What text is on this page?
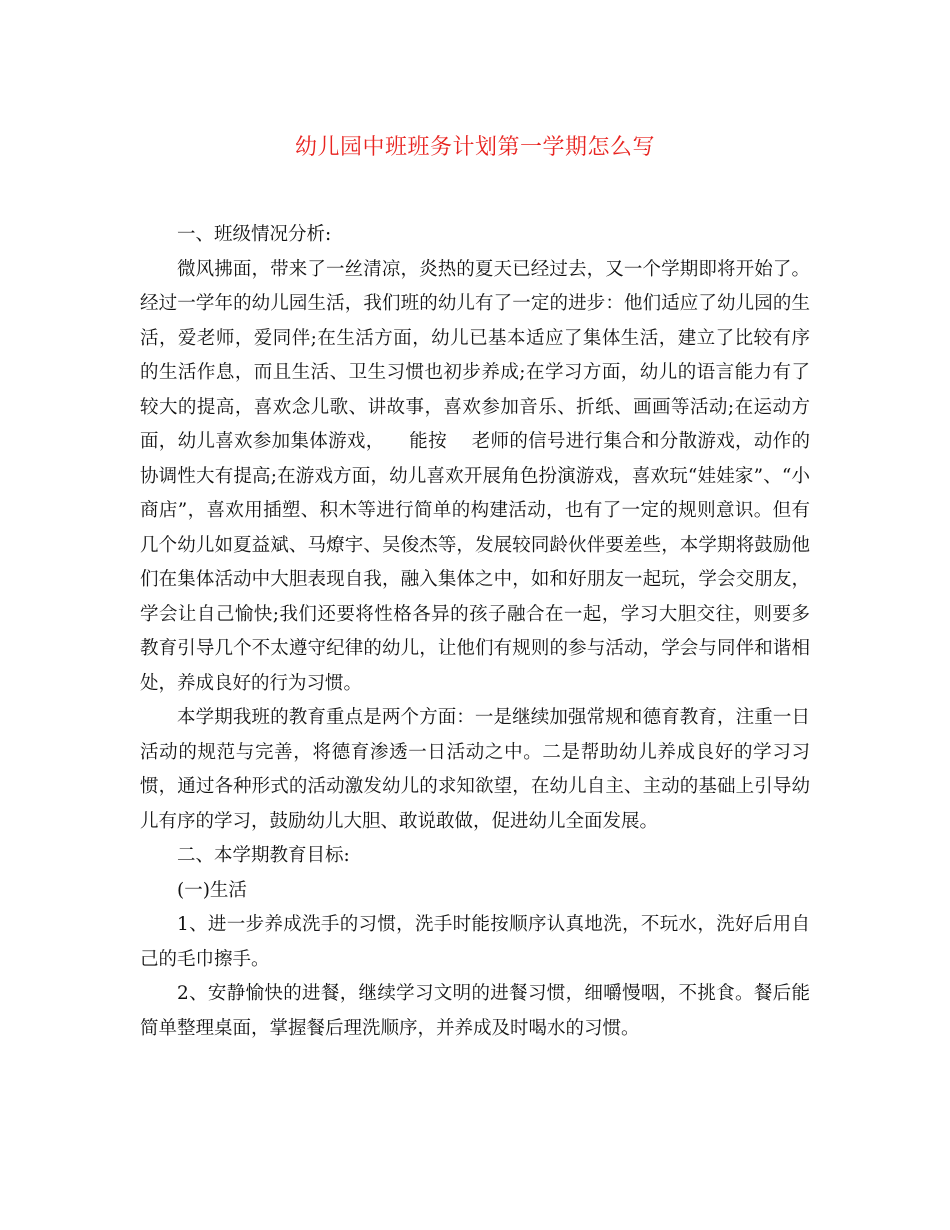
幼儿园中班班务计划第一学期怎么写

一、班级情况分析:

微风拂面，带来了一丝清凉，炎热的夏天已经过去，又一个学期即将开始了。经过一学年的幼儿园生活，我们班的幼儿有了一定的进步：他们适应了幼儿园的生活，爱老师，爱同伴;在生活方面，幼儿已基本适应了集体生活，建立了比较有序的生活作息，而且生活、卫生习惯也初步养成;在学习方面，幼儿的语言能力有了较大的提高，喜欢念儿歌、讲故事，喜欢参加音乐、折纸、画画等活动;在运动方面，幼儿喜欢参加集体游戏，    能按    老师的信号进行集合和分散游戏，动作的协调性大有提高;在游戏方面，幼儿喜欢开展角色扮演游戏，喜欢玩“娃娃家”、“小商店”，喜欢用插塑、积木等进行简单的构建活动，也有了一定的规则意识。但有几个幼儿如夏益斌、马燎宇、吴俊杰等，发展较同龄伙伴要差些，本学期将鼓励他们在集体活动中大胆表现自我，融入集体之中，如和好朋友一起玩，学会交朋友，学会让自己愉快;我们还要将性格各异的孩子融合在一起，学习大胆交往，则要多教育引导几个不太遵守纪律的幼儿，让他们有规则的参与活动，学会与同伴和谐相处，养成良好的行为习惯。

本学期我班的教育重点是两个方面：一是继续加强常规和德育教育，注重一日活动的规范与完善，将德育渗透一日活动之中。二是帮助幼儿养成良好的学习习惯，通过各种形式的活动激发幼儿的求知欲望，在幼儿自主、主动的基础上引导幼儿有序的学习，鼓励幼儿大胆、敢说敢做，促进幼儿全面发展。

二、本学期教育目标:

(一)生活

1、进一步养成洗手的习惯，洗手时能按顺序认真地洗，不玩水，洗好后用自己的毛巾擦手。

2、安静愉快的进餐，继续学习文明的进餐习惯，细嚼慢咽，不挑食。餐后能简单整理桌面，掌握餐后理洗顺序，并养成及时喝水的习惯。
